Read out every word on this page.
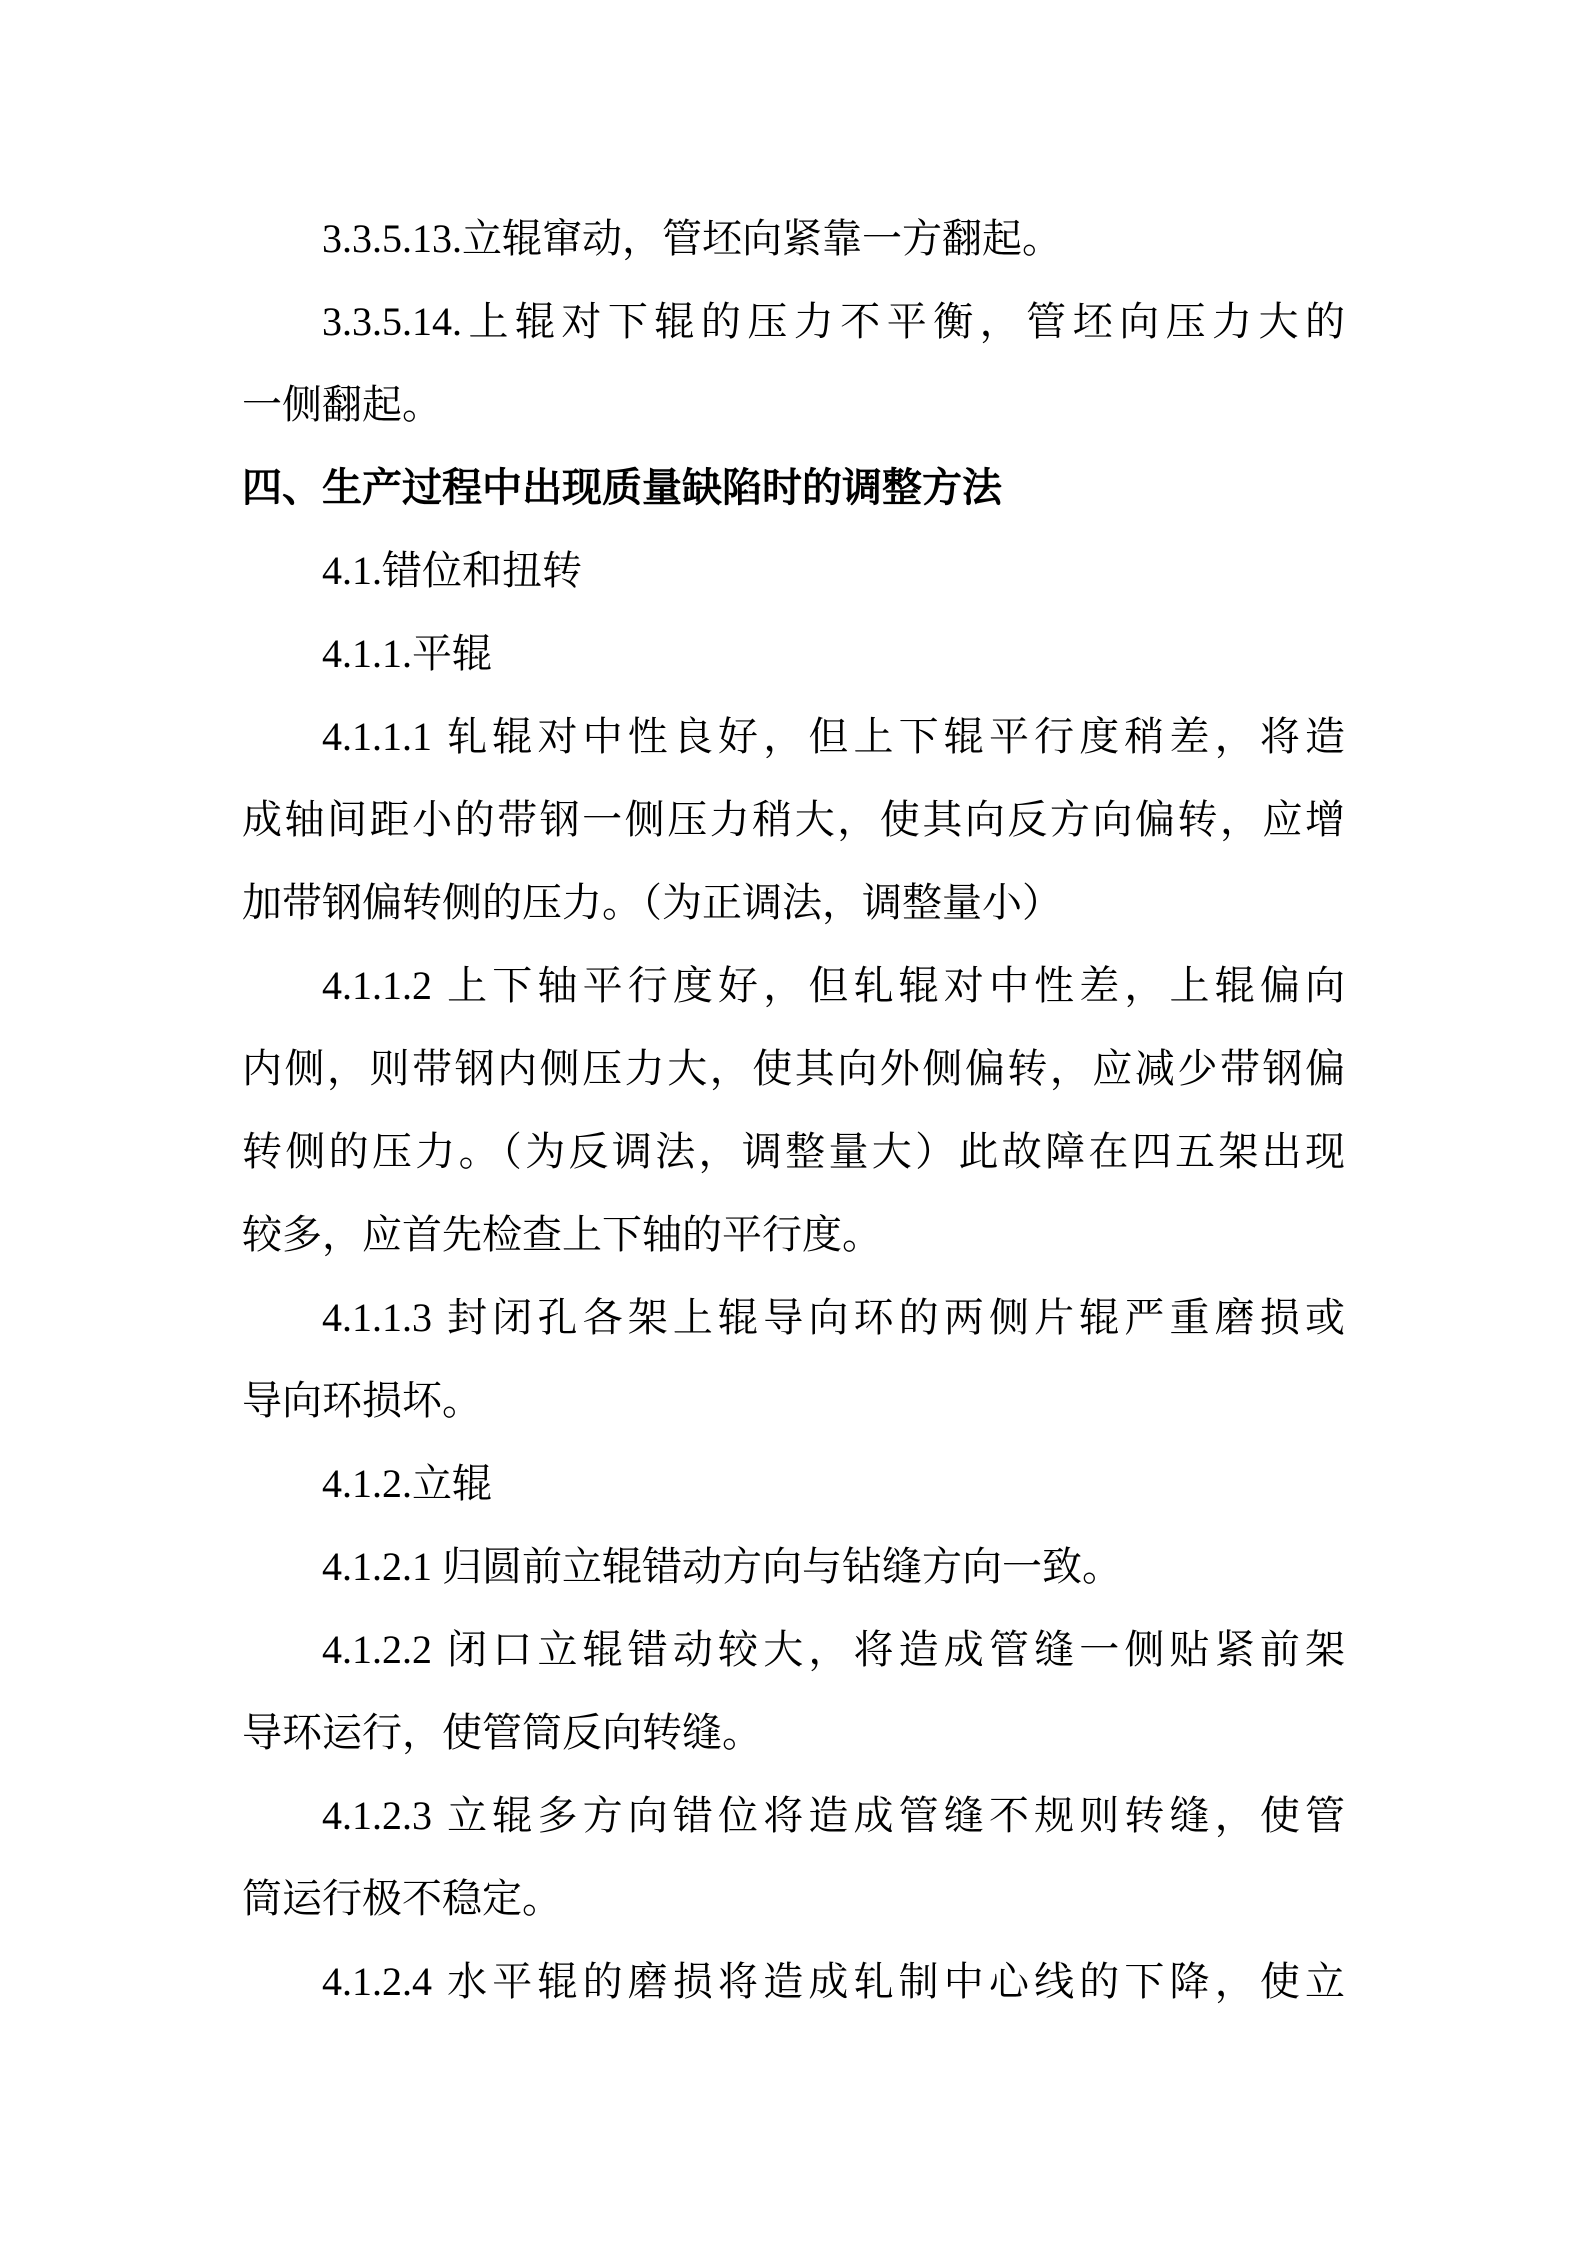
3.3.5.13.立辊窜动，管坯向紧靠一方翻起。

3.3.5.14.上辊对下辊的压力不平衡，管坯向压力大的
一侧翻起。

四、生产过程中出现质量缺陷时的调整方法

4.1.错位和扭转

4.1.1.平辊

4.1.1.1 轧辊对中性良好，但上下辊平行度稍差，将造
成轴间距小的带钢一侧压力稍大，使其向反方向偏转，应增
加带钢偏转侧的压力。（为正调法，调整量小）

4.1.1.2 上下轴平行度好，但轧辊对中性差，上辊偏向
内侧，则带钢内侧压力大，使其向外侧偏转，应减少带钢偏
转侧的压力。（为反调法，调整量大）此故障在四五架出现
较多，应首先检查上下轴的平行度。

4.1.1.3 封闭孔各架上辊导向环的两侧片辊严重磨损或
导向环损坏。

4.1.2.立辊

4.1.2.1 归圆前立辊错动方向与钻缝方向一致。

4.1.2.2 闭口立辊错动较大，将造成管缝一侧贴紧前架
导环运行，使管筒反向转缝。

4.1.2.3 立辊多方向错位将造成管缝不规则转缝，使管
筒运行极不稳定。

4.1.2.4 水平辊的磨损将造成轧制中心线的下降，使立
